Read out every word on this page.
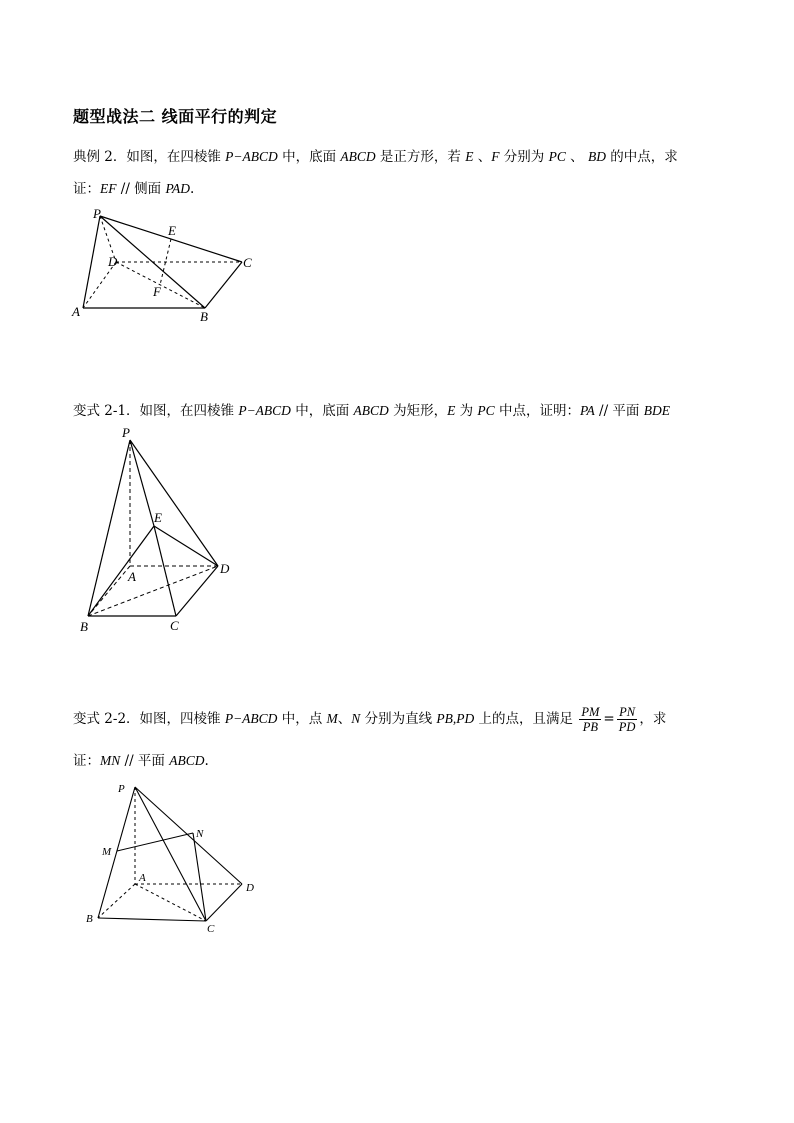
题型战法二 线面平行的判定
典例 2．如图，在四棱锥 P−ABCD 中，底面 ABCD 是正方形，若 E 、F 分别为 PC 、 BD 的中点，求
证：EF // 侧面 PAD.
P
E
D	C
F
A	B
变式 2-1．如图，在四棱锥 P−ABCD 中，底面 ABCD 为矩形，E 为 PC 中点，证明：PA // 平面 BDE
P
E
A
D
B	C
变式 2-2．如图，四棱锥 P−ABCD 中，点 M、N 分别为直线 PB,PD 上的点，且满足 $\frac{PM}{PB} = \frac{PN}{PD}$ ，求
证：MN // 平面 ABCD.
P
N
M
A
D
B
C
